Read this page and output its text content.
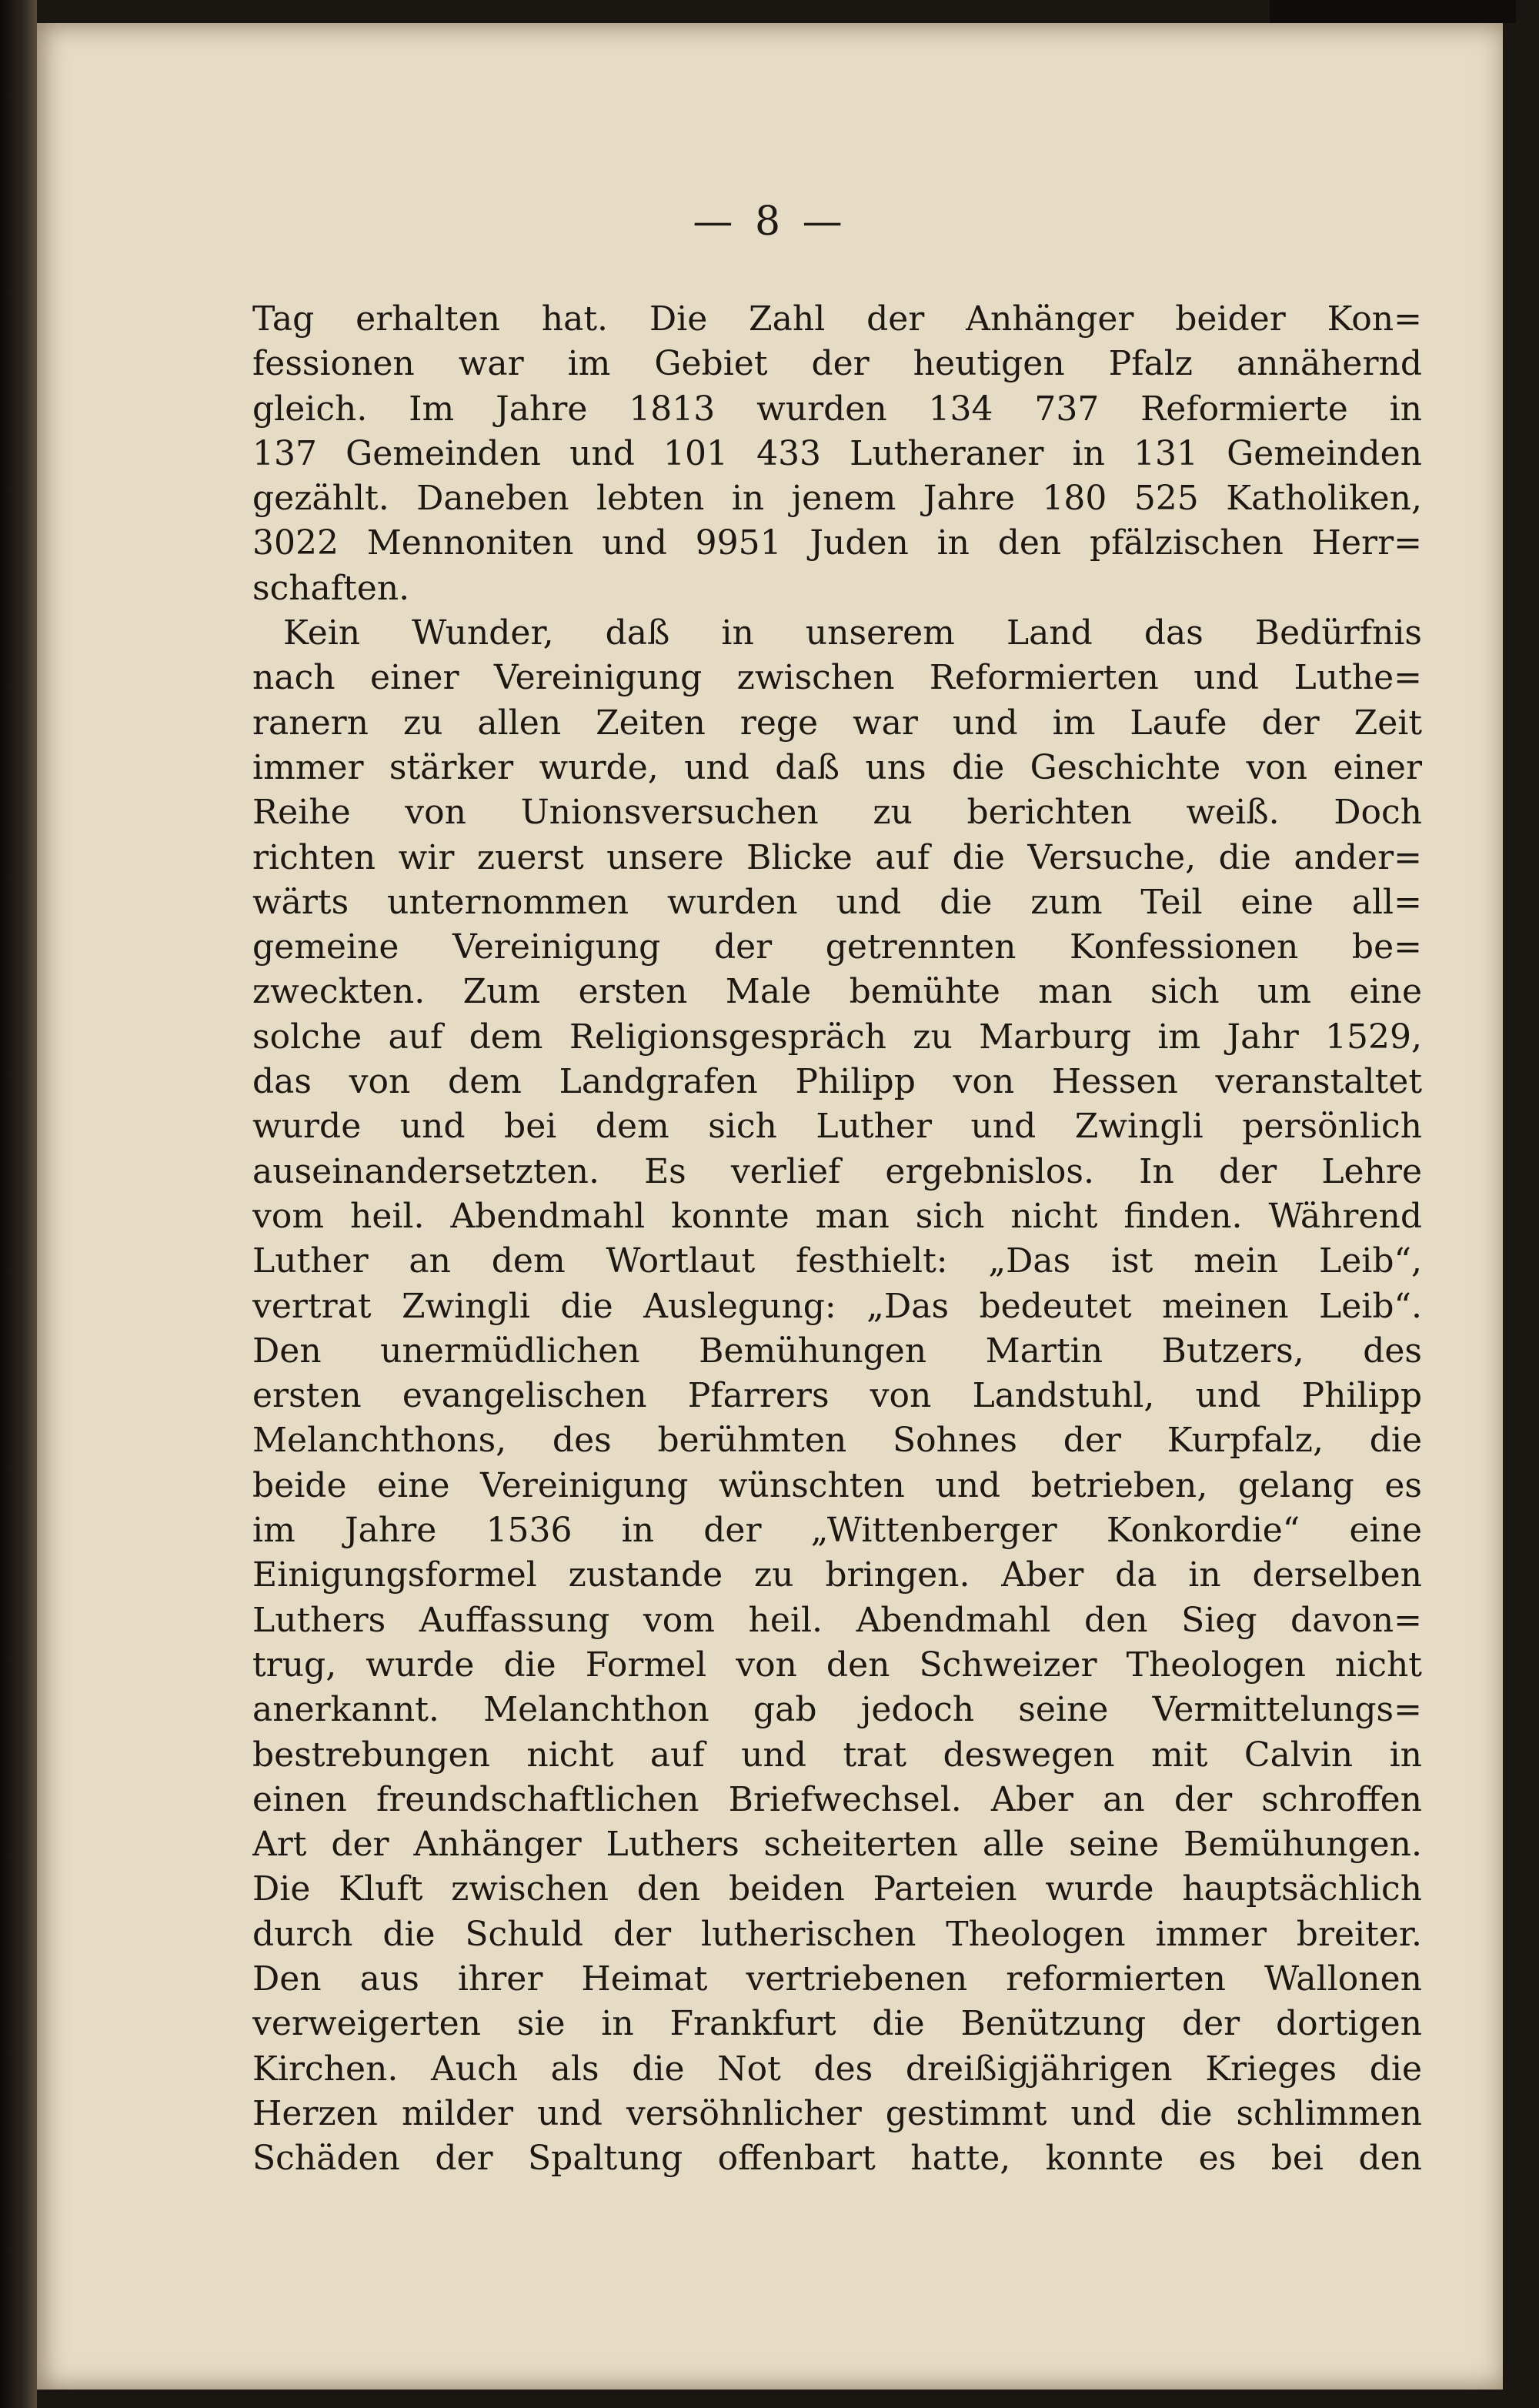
— 8 —
Tag erhalten hat. Die Zahl der Anhänger beider Kon=
fessionen war im Gebiet der heutigen Pfalz annähernd
gleich. Im Jahre 1813 wurden 134 737 Reformierte in
137 Gemeinden und 101 433 Lutheraner in 131 Gemeinden
gezählt. Daneben lebten in jenem Jahre 180 525 Katholiken,
3022 Mennoniten und 9951 Juden in den pfälzischen Herr=
schaften.
Kein Wunder, daß in unserem Land das Bedürfnis
nach einer Vereinigung zwischen Reformierten und Luthe=
ranern zu allen Zeiten rege war und im Laufe der Zeit
immer stärker wurde, und daß uns die Geschichte von einer
Reihe von Unionsversuchen zu berichten weiß. Doch
richten wir zuerst unsere Blicke auf die Versuche, die ander=
wärts unternommen wurden und die zum Teil eine all=
gemeine Vereinigung der getrennten Konfessionen be=
zweckten. Zum ersten Male bemühte man sich um eine
solche auf dem Religionsgespräch zu Marburg im Jahr 1529,
das von dem Landgrafen Philipp von Hessen veranstaltet
wurde und bei dem sich Luther und Zwingli persönlich
auseinandersetzten. Es verlief ergebnislos. In der Lehre
vom heil. Abendmahl konnte man sich nicht finden. Während
Luther an dem Wortlaut festhielt: „Das ist mein Leib“,
vertrat Zwingli die Auslegung: „Das bedeutet meinen Leib“.
Den unermüdlichen Bemühungen Martin Butzers, des
ersten evangelischen Pfarrers von Landstuhl, und Philipp
Melanchthons, des berühmten Sohnes der Kurpfalz, die
beide eine Vereinigung wünschten und betrieben, gelang es
im Jahre 1536 in der „Wittenberger Konkordie“ eine
Einigungsformel zustande zu bringen. Aber da in derselben
Luthers Auffassung vom heil. Abendmahl den Sieg davon=
trug, wurde die Formel von den Schweizer Theologen nicht
anerkannt. Melanchthon gab jedoch seine Vermittelungs=
bestrebungen nicht auf und trat deswegen mit Calvin in
einen freundschaftlichen Briefwechsel. Aber an der schroffen
Art der Anhänger Luthers scheiterten alle seine Bemühungen.
Die Kluft zwischen den beiden Parteien wurde hauptsächlich
durch die Schuld der lutherischen Theologen immer breiter.
Den aus ihrer Heimat vertriebenen reformierten Wallonen
verweigerten sie in Frankfurt die Benützung der dortigen
Kirchen. Auch als die Not des dreißigjährigen Krieges die
Herzen milder und versöhnlicher gestimmt und die schlimmen
Schäden der Spaltung offenbart hatte, konnte es bei den
